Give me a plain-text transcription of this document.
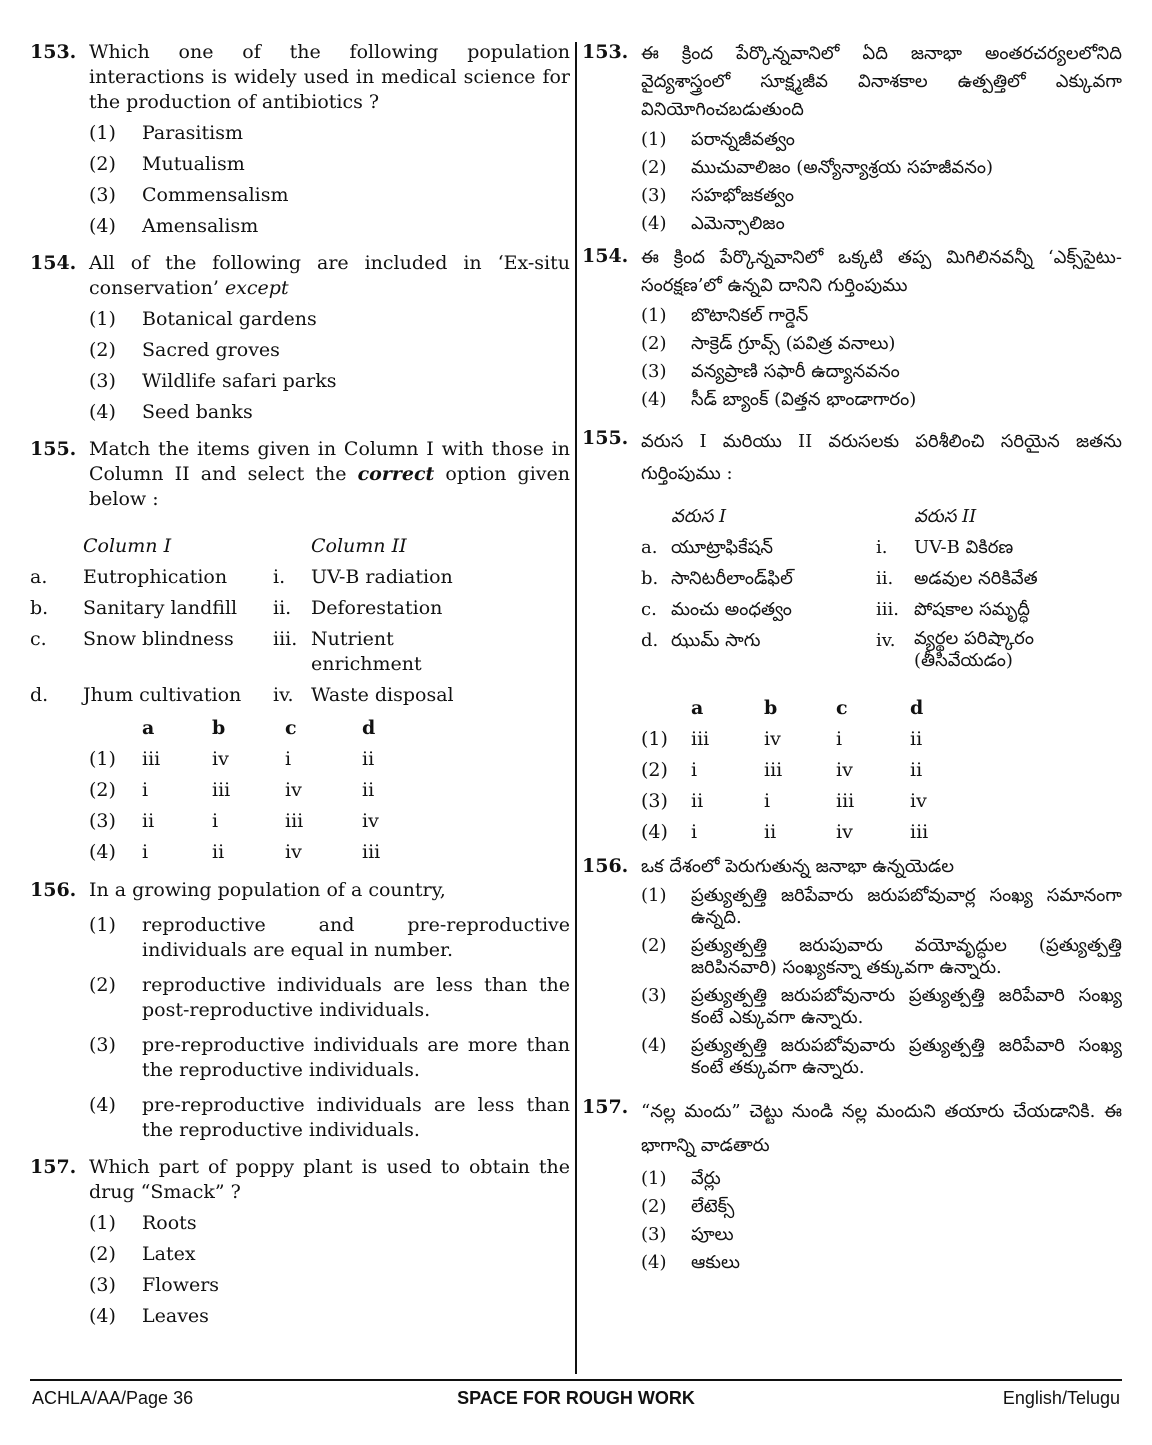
153. Which one of the following population interactions is widely used in medical science for the production of antibiotics ?
(1)	Parasitism
(2)	Mutualism
(3)	Commensalism
(4)	Amensalism
154. All of the following are included in ‘Ex-situ conservation’ except
(1)	Botanical gardens
(2)	Sacred groves
(3)	Wildlife safari parks
(4)	Seed banks
155. Match the items given in Column I with those in Column II and select the correct option given below :
	Column I		Column II
a.	Eutrophication	i.	UV-B radiation
b.	Sanitary landfill	ii.	Deforestation
c.	Snow blindness	iii.	Nutrient enrichment
d.	Jhum cultivation	iv.	Waste disposal
	a	b	c	d
(1)	iii	iv	i	ii
(2)	i	iii	iv	ii
(3)	ii	i	iii	iv
(4)	i	ii	iv	iii
156. In a growing population of a country,
(1)	reproductive and pre-reproductive individuals are equal in number.
(2)	reproductive individuals are less than the post-reproductive individuals.
(3)	pre-reproductive individuals are more than the reproductive individuals.
(4)	pre-reproductive individuals are less than the reproductive individuals.
157. Which part of poppy plant is used to obtain the drug “Smack” ?
(1)	Roots
(2)	Latex
(3)	Flowers
(4)	Leaves
153. ఈ క్రింద పేర్కొన్నవానిలో ఏది జనాభా అంతరచర్యలలోనిది వైద్యశాస్త్రంలో సూక్ష్మజీవ వినాశకాల ఉత్పత్తిలో ఎక్కువగా వినియోగించబడుతుంది
(1)	పరాన్నజీవత్వం
(2)	ముచువాలిజం (అన్యోన్యాశ్రయ సహజీవనం)
(3)	సహభోజకత్వం
(4)	ఎమెన్సాలిజం
154. ఈ క్రింద పేర్కొన్నవానిలో ఒక్కటి తప్ప మిగిలినవన్నీ ‘ఎక్స్‌సైటు-సంరక్షణ’లో ఉన్నవి దానిని గుర్తింపుము
(1)	బొటానికల్ గార్డెన్
(2)	సాక్రెడ్ గ్రూవ్స్ (పవిత్ర వనాలు)
(3)	వన్యప్రాణి సఫారీ ఉద్యానవనం
(4)	సీడ్ బ్యాంక్ (విత్తన భాండాగారం)
155. వరుస I మరియు II వరుసలకు పరిశీలించి సరియైన జతను గుర్తింపుము :
	వరుస I		వరుస II
a.	యూట్రాఫికేషన్	i.	UV-B వికిరణ
b.	సానిటరీలాండ్‌ఫిల్	ii.	అడవుల నరికివేత
c.	మంచు అంధత్వం	iii.	పోషకాల సమృద్ధీ
d.	ఝుమ్ సాగు	iv.	వ్యర్థల పరిష్కారం (తీసివేయడం)
	a	b	c	d
(1)	iii	iv	i	ii
(2)	i	iii	iv	ii
(3)	ii	i	iii	iv
(4)	i	ii	iv	iii
156. ఒక దేశంలో పెరుగుతున్న జనాభా ఉన్నయెడల
(1)	ప్రత్యుత్పత్తి జరిపేవారు జరుపబోవువార్ల సంఖ్య సమానంగా ఉన్నది.
(2)	ప్రత్యుత్పత్తి జరుపువారు వయోవృద్ధుల (ప్రత్యుత్పత్తి జరిపినవారి) సంఖ్యకన్నా తక్కువగా ఉన్నారు.
(3)	ప్రత్యుత్పత్తి జరుపబోవునారు ప్రత్యుత్పత్తి జరిపేవారి సంఖ్య కంటే ఎక్కువగా ఉన్నారు.
(4)	ప్రత్యుత్పత్తి జరుపబోవువారు ప్రత్యుత్పత్తి జరిపేవారి సంఖ్య కంటే తక్కువగా ఉన్నారు.
157. “నల్ల మందు” చెట్టు నుండి నల్ల మందుని తయారు చేయడానికి. ఈ భాగాన్ని వాడతారు
(1)	వేర్లు
(2)	లేటెక్స్
(3)	పూలు
(4)	ఆకులు
ACHLA/AA/Page 36	SPACE FOR ROUGH WORK	English/Telugu
